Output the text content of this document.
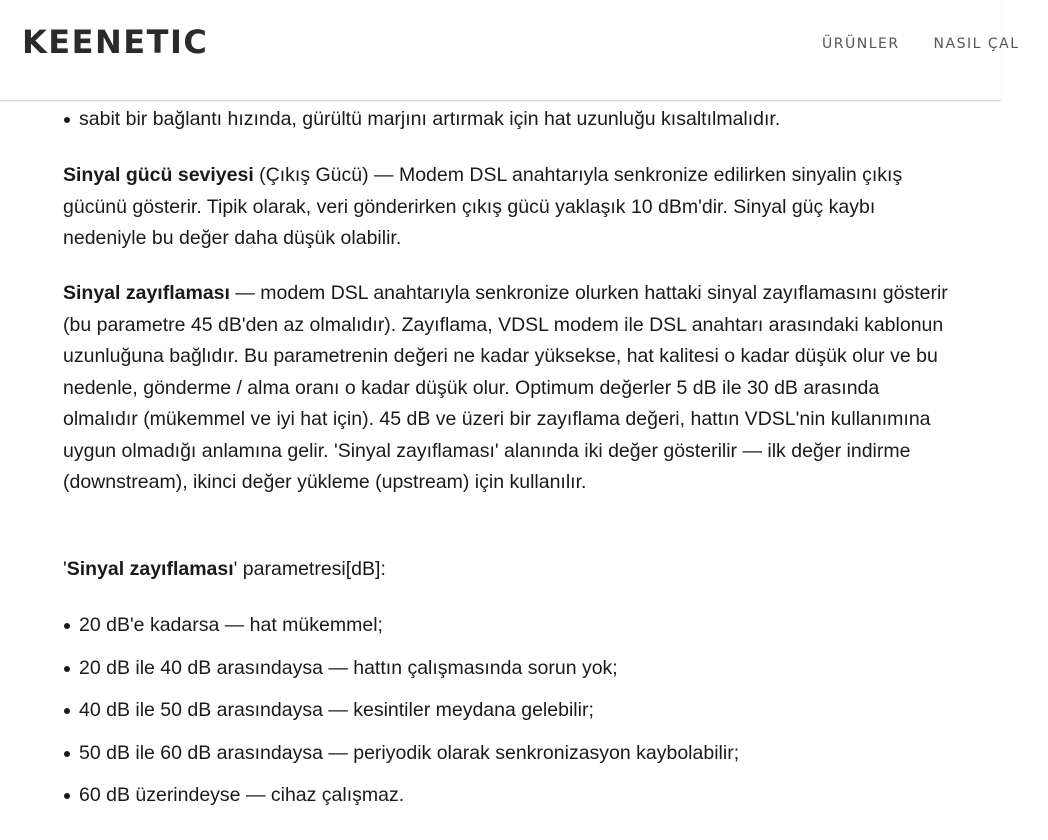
KEENETIC	ÜRÜNLER NASIL ÇAL
sabit bir bağlantı hızında, gürültü marjını artırmak için hat uzunluğu kısaltılmalıdır.

Sinyal gücü seviyesi (Çıkış Gücü) — Modem DSL anahtarıyla senkronize edilirken sinyalin çıkış gücünü gösterir. Tipik olarak, veri gönderirken çıkış gücü yaklaşık 10 dBm'dir. Sinyal güç kaybı nedeniyle bu değer daha düşük olabilir.

Sinyal zayıflaması — modem DSL anahtarıyla senkronize olurken hattaki sinyal zayıflamasını gösterir (bu parametre 45 dB'den az olmalıdır). Zayıflama, VDSL modem ile DSL anahtarı arasındaki kablonun uzunluğuna bağlıdır. Bu parametrenin değeri ne kadar yüksekse, hat kalitesi o kadar düşük olur ve bu nedenle, gönderme / alma oranı o kadar düşük olur. Optimum değerler 5 dB ile 30 dB arasında olmalıdır (mükemmel ve iyi hat için). 45 dB ve üzeri bir zayıflama değeri, hattın VDSL'nin kullanımına uygun olmadığı anlamına gelir. 'Sinyal zayıflaması' alanında iki değer gösterilir — ilk değer indirme (downstream), ikinci değer yükleme (upstream) için kullanılır.

'Sinyal zayıflaması' parametresi[dB]:

20 dB'e kadarsa — hat mükemmel;
20 dB ile 40 dB arasındaysa — hattın çalışmasında sorun yok;
40 dB ile 50 dB arasındaysa — kesintiler meydana gelebilir;
50 dB ile 60 dB arasındaysa — periyodik olarak senkronizasyon kaybolabilir;
60 dB üzerindeyse — cihaz çalışmaz.
